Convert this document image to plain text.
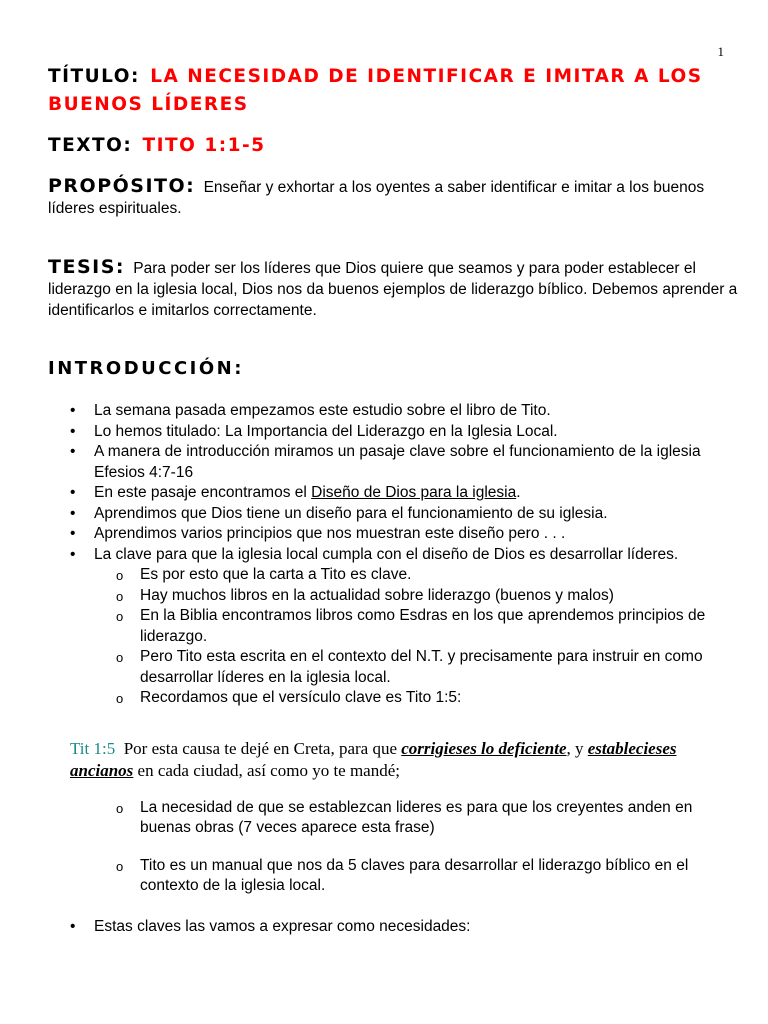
1
TÍTULO: LA NECESIDAD DE IDENTIFICAR E IMITAR A LOS BUENOS LÍDERES
TEXTO: TITO 1:1-5
PROPÓSITO: Enseñar y exhortar a los oyentes a saber identificar e imitar a los buenos líderes espirituales.
TESIS: Para poder ser los líderes que Dios quiere que seamos y para poder establecer el liderazgo en la iglesia local, Dios nos da buenos ejemplos de liderazgo bíblico. Debemos aprender a identificarlos e imitarlos correctamente.
INTRODUCCIÓN:
• La semana pasada empezamos este estudio sobre el libro de Tito.
• Lo hemos titulado: La Importancia del Liderazgo en la Iglesia Local.
• A manera de introducción miramos un pasaje clave sobre el funcionamiento de la iglesia Efesios 4:7-16
• En este pasaje encontramos el Diseño de Dios para la iglesia.
• Aprendimos que Dios tiene un diseño para el funcionamiento de su iglesia.
• Aprendimos varios principios que nos muestran este diseño pero . . .
• La clave para que la iglesia local cumpla con el diseño de Dios es desarrollar líderes.
o Es por esto que la carta a Tito es clave.
o Hay muchos libros en la actualidad sobre liderazgo (buenos y malos)
o En la Biblia encontramos libros como Esdras en los que aprendemos principios de liderazgo.
o Pero Tito esta escrita en el contexto del N.T. y precisamente para instruir en como desarrollar líderes en la iglesia local.
o Recordamos que el versículo clave es Tito 1:5:
Tit 1:5 Por esta causa te dejé en Creta, para que corrigieses lo deficiente, y establecieses ancianos en cada ciudad, así como yo te mandé;
o La necesidad de que se establezcan lideres es para que los creyentes anden en buenas obras (7 veces aparece esta frase)
o Tito es un manual que nos da 5 claves para desarrollar el liderazgo bíblico en el contexto de la iglesia local.
• Estas claves las vamos a expresar como necesidades:
